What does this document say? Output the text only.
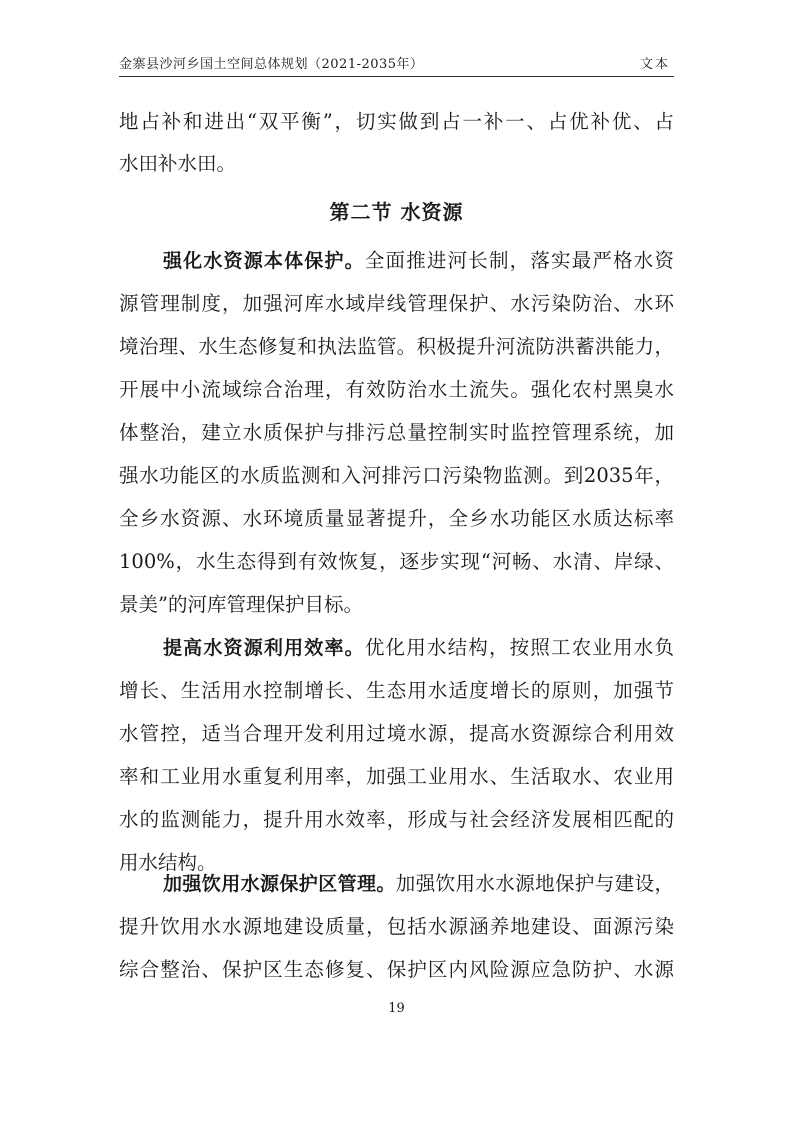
金寨县沙河乡国土空间总体规划（2021-2035年）	文本
地占补和进出“双平衡”，切实做到占一补一、占优补优、占
水田补水田。
第二节 水资源
强化水资源本体保护。全面推进河长制，落实最严格水资
源管理制度，加强河库水域岸线管理保护、水污染防治、水环
境治理、水生态修复和执法监管。积极提升河流防洪蓄洪能力，
开展中小流域综合治理，有效防治水土流失。强化农村黑臭水
体整治，建立水质保护与排污总量控制实时监控管理系统，加
强水功能区的水质监测和入河排污口污染物监测。到2035年，
全乡水资源、水环境质量显著提升，全乡水功能区水质达标率
100%，水生态得到有效恢复，逐步实现“河畅、水清、岸绿、
景美”的河库管理保护目标。
提高水资源利用效率。优化用水结构，按照工农业用水负
增长、生活用水控制增长、生态用水适度增长的原则，加强节
水管控，适当合理开发利用过境水源，提高水资源综合利用效
率和工业用水重复利用率，加强工业用水、生活取水、农业用
水的监测能力，提升用水效率，形成与社会经济发展相匹配的
用水结构。
加强饮用水源保护区管理。加强饮用水水源地保护与建设，
提升饮用水水源地建设质量，包括水源涵养地建设、面源污染
综合整治、保护区生态修复、保护区内风险源应急防护、水源
19
